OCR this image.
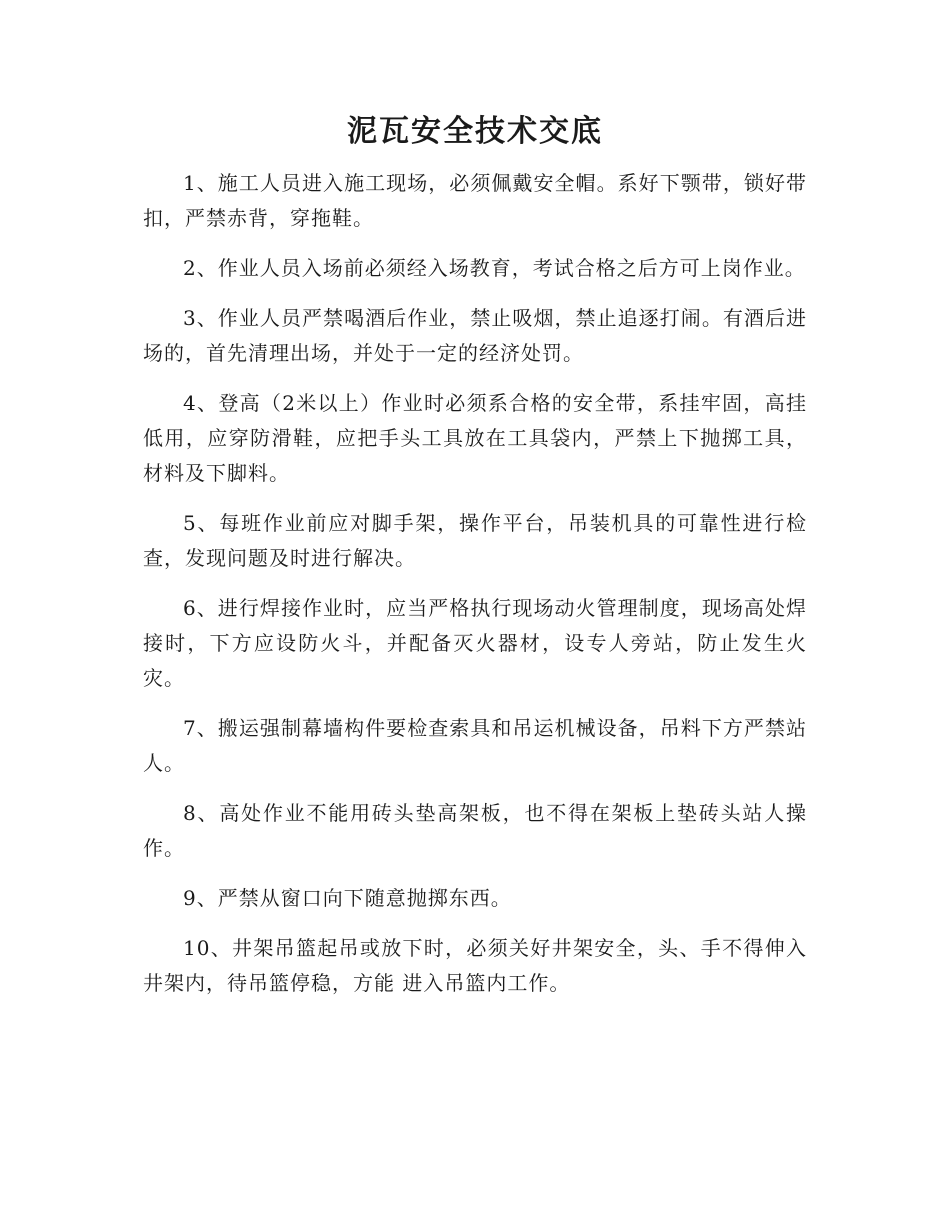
泥瓦安全技术交底

1、施工人员进入施工现场，必须佩戴安全帽。系好下颚带，锁好带扣，严禁赤背，穿拖鞋。

2、作业人员入场前必须经入场教育，考试合格之后方可上岗作业。

3、作业人员严禁喝酒后作业，禁止吸烟，禁止追逐打闹。有酒后进场的，首先清理出场，并处于一定的经济处罚。

4、登高（2米以上）作业时必须系合格的安全带，系挂牢固，高挂低用，应穿防滑鞋，应把手头工具放在工具袋内，严禁上下抛掷工具，材料及下脚料。

5、每班作业前应对脚手架，操作平台，吊装机具的可靠性进行检查，发现问题及时进行解决。

6、进行焊接作业时，应当严格执行现场动火管理制度，现场高处焊接时，下方应设防火斗，并配备灭火器材，设专人旁站，防止发生火灾。

7、搬运强制幕墙构件要检查索具和吊运机械设备，吊料下方严禁站人。

8、高处作业不能用砖头垫高架板，也不得在架板上垫砖头站人操作。

9、严禁从窗口向下随意抛掷东西。

10、井架吊篮起吊或放下时，必须关好井架安全，头、手不得伸入井架内，待吊篮停稳，方能 进入吊篮内工作。
